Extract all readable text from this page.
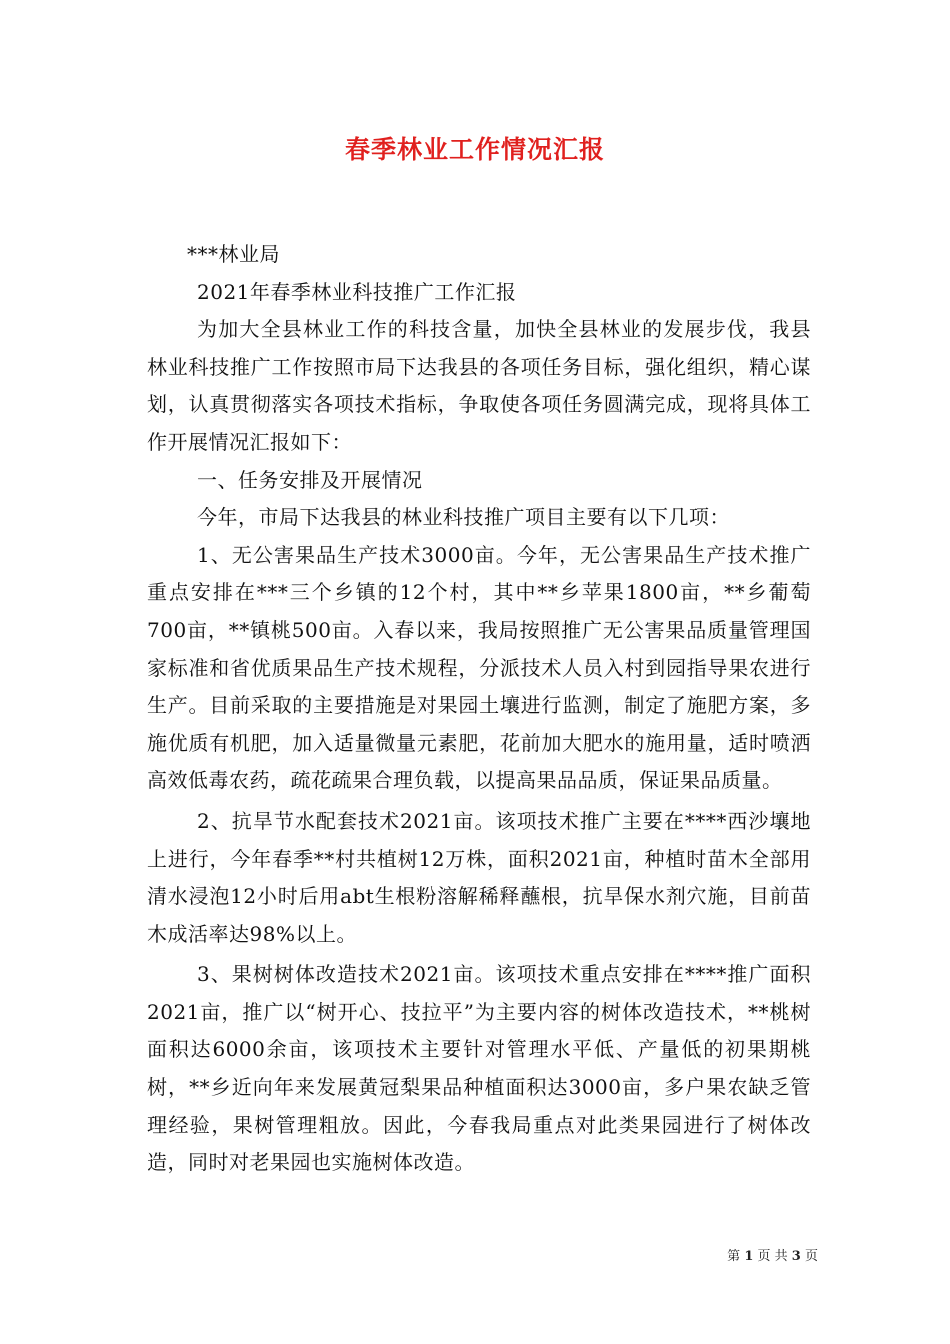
春季林业工作情况汇报

***林业局

2021年春季林业科技推广工作汇报

为加大全县林业工作的科技含量，加快全县林业的发展步伐，我县林业科技推广工作按照市局下达我县的各项任务目标，强化组织，精心谋划，认真贯彻落实各项技术指标，争取使各项任务圆满完成，现将具体工作开展情况汇报如下：

一、任务安排及开展情况

今年，市局下达我县的林业科技推广项目主要有以下几项：

1、无公害果品生产技术3000亩。今年，无公害果品生产技术推广重点安排在***三个乡镇的12个村，其中**乡苹果1800亩，**乡葡萄700亩，**镇桃500亩。入春以来，我局按照推广无公害果品质量管理国家标准和省优质果品生产技术规程，分派技术人员入村到园指导果农进行生产。目前采取的主要措施是对果园土壤进行监测，制定了施肥方案，多施优质有机肥，加入适量微量元素肥，花前加大肥水的施用量，适时喷洒高效低毒农药，疏花疏果合理负载，以提高果品品质，保证果品质量。

2、抗旱节水配套技术2021亩。该项技术推广主要在****西沙壤地上进行，今年春季**村共植树12万株，面积2021亩，种植时苗木全部用清水浸泡12小时后用abt生根粉溶解稀释蘸根，抗旱保水剂穴施，目前苗木成活率达98%以上。

3、果树树体改造技术2021亩。该项技术重点安排在****推广面积2021亩，推广以“树开心、技拉平”为主要内容的树体改造技术，**桃树面积达6000余亩，该项技术主要针对管理水平低、产量低的初果期桃树，**乡近向年来发展黄冠梨果品种植面积达3000亩，多户果农缺乏管理经验，果树管理粗放。因此，今春我局重点对此类果园进行了树体改造，同时对老果园也实施树体改造。

第 1 页 共 3 页
